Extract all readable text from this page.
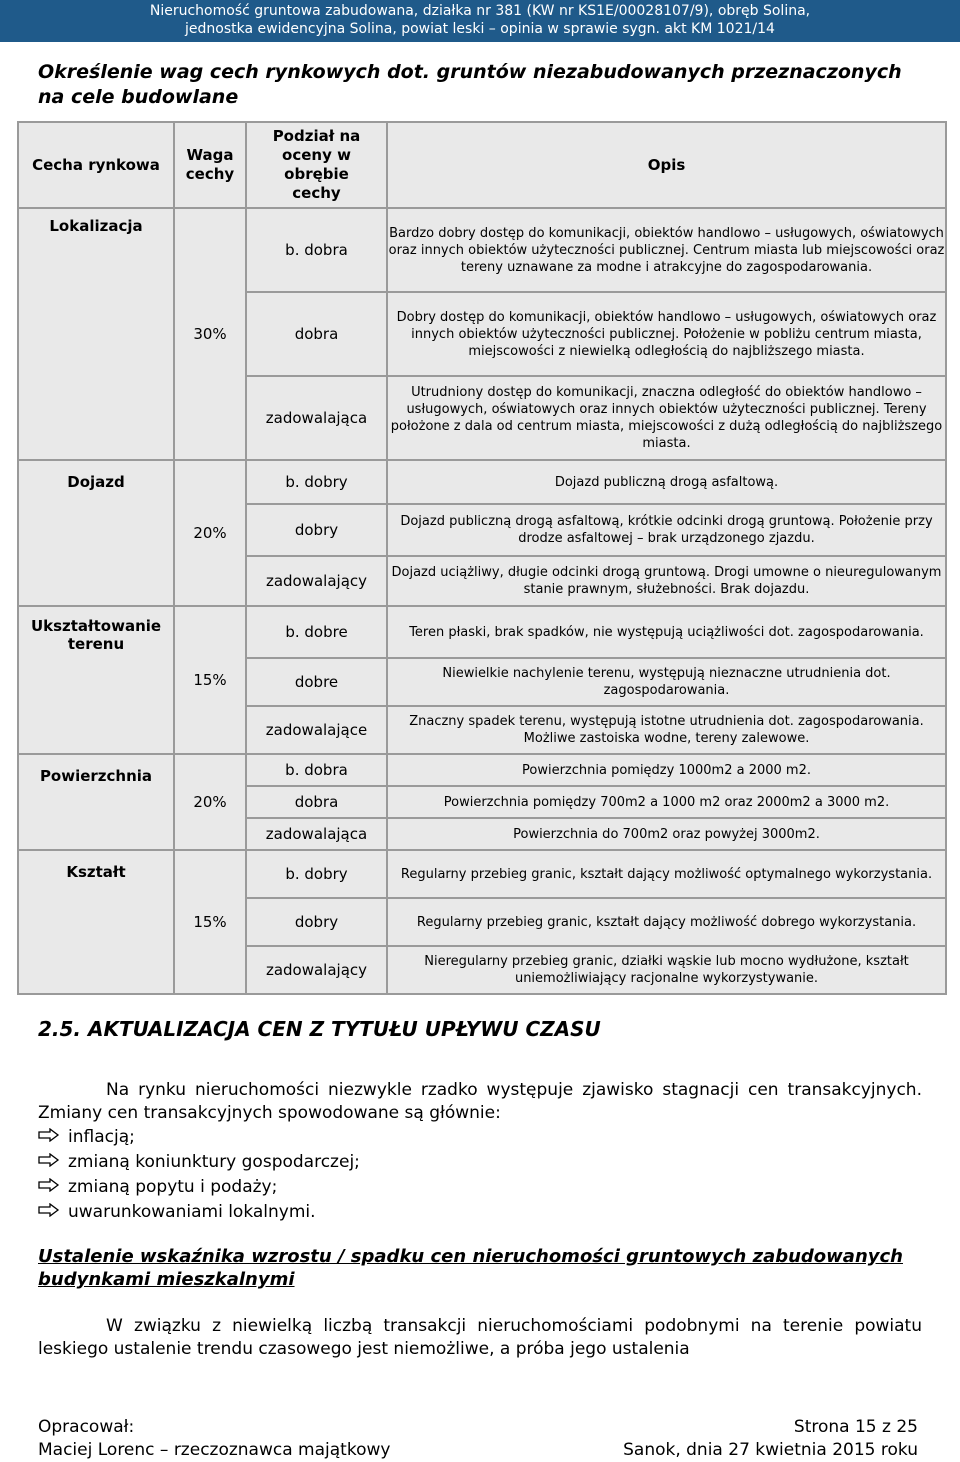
Nieruchomość gruntowa zabudowana, działka nr 381 (KW nr KS1E/00028107/9), obręb Solina,
jednostka ewidencyjna Solina, powiat leski – opinia w sprawie sygn. akt KM 1021/14
Określenie wag cech rynkowych dot. gruntów niezabudowanych przeznaczonych na cele budowlane
Cecha rynkowa	Waga cechy	Podział na oceny w obrębie cechy	Opis
Lokalizacja	30%	b. dobra	Bardzo dobry dostęp do komunikacji, obiektów handlowo – usługowych, oświatowych oraz innych obiektów użyteczności publicznej. Centrum miasta lub miejscowości oraz tereny uznawane za modne i atrakcyjne do zagospodarowania.
		dobra	Dobry dostęp do komunikacji, obiektów handlowo – usługowych, oświatowych oraz innych obiektów użyteczności publicznej. Położenie w pobliżu centrum miasta, miejscowości z niewielką odległością do najbliższego miasta.
		zadowalająca	Utrudniony dostęp do komunikacji, znaczna odległość do obiektów handlowo – usługowych, oświatowych oraz innych obiektów użyteczności publicznej. Tereny położone z dala od centrum miasta, miejscowości z dużą odległością do najbliższego miasta.
Dojazd	20%	b. dobry	Dojazd publiczną drogą asfaltową.
		dobry	Dojazd publiczną drogą asfaltową, krótkie odcinki drogą gruntową. Położenie przy drodze asfaltowej – brak urządzonego zjazdu.
		zadowalający	Dojazd uciążliwy, długie odcinki drogą gruntową. Drogi umowne o nieuregulowanym stanie prawnym, służebności. Brak dojazdu.
Ukształtowanie terenu	15%	b. dobre	Teren płaski, brak spadków, nie występują uciążliwości dot. zagospodarowania.
		dobre	Niewielkie nachylenie terenu, występują nieznaczne utrudnienia dot. zagospodarowania.
		zadowalające	Znaczny spadek terenu, występują istotne utrudnienia dot. zagospodarowania. Możliwe zastoiska wodne, tereny zalewowe.
Powierzchnia	20%	b. dobra	Powierzchnia pomiędzy 1000m2 a 2000 m2.
		dobra	Powierzchnia pomiędzy 700m2 a 1000 m2 oraz 2000m2 a 3000 m2.
		zadowalająca	Powierzchnia do 700m2 oraz powyżej 3000m2.
Kształt	15%	b. dobry	Regularny przebieg granic, kształt dający możliwość optymalnego wykorzystania.
		dobry	Regularny przebieg granic, kształt dający możliwość dobrego wykorzystania.
		zadowalający	Nieregularny przebieg granic, działki wąskie lub mocno wydłużone, kształt uniemożliwiający racjonalne wykorzystywanie.
2.5. AKTUALIZACJA CEN Z TYTUŁU UPŁYWU CZASU
Na rynku nieruchomości niezwykle rzadko występuje zjawisko stagnacji cen transakcyjnych. Zmiany cen transakcyjnych spowodowane są głównie:
inflacją;
zmianą koniunktury gospodarczej;
zmianą popytu i podaży;
uwarunkowaniami lokalnymi.
Ustalenie wskaźnika wzrostu / spadku cen nieruchomości gruntowych zabudowanych budynkami mieszkalnymi
W związku z niewielką liczbą transakcji nieruchomościami podobnymi na terenie powiatu leskiego ustalenie trendu czasowego jest niemożliwe, a próba jego ustalenia
Opracował:
Maciej Lorenc – rzeczoznawca majątkowy
Strona 15 z 25
Sanok, dnia 27 kwietnia 2015 roku
